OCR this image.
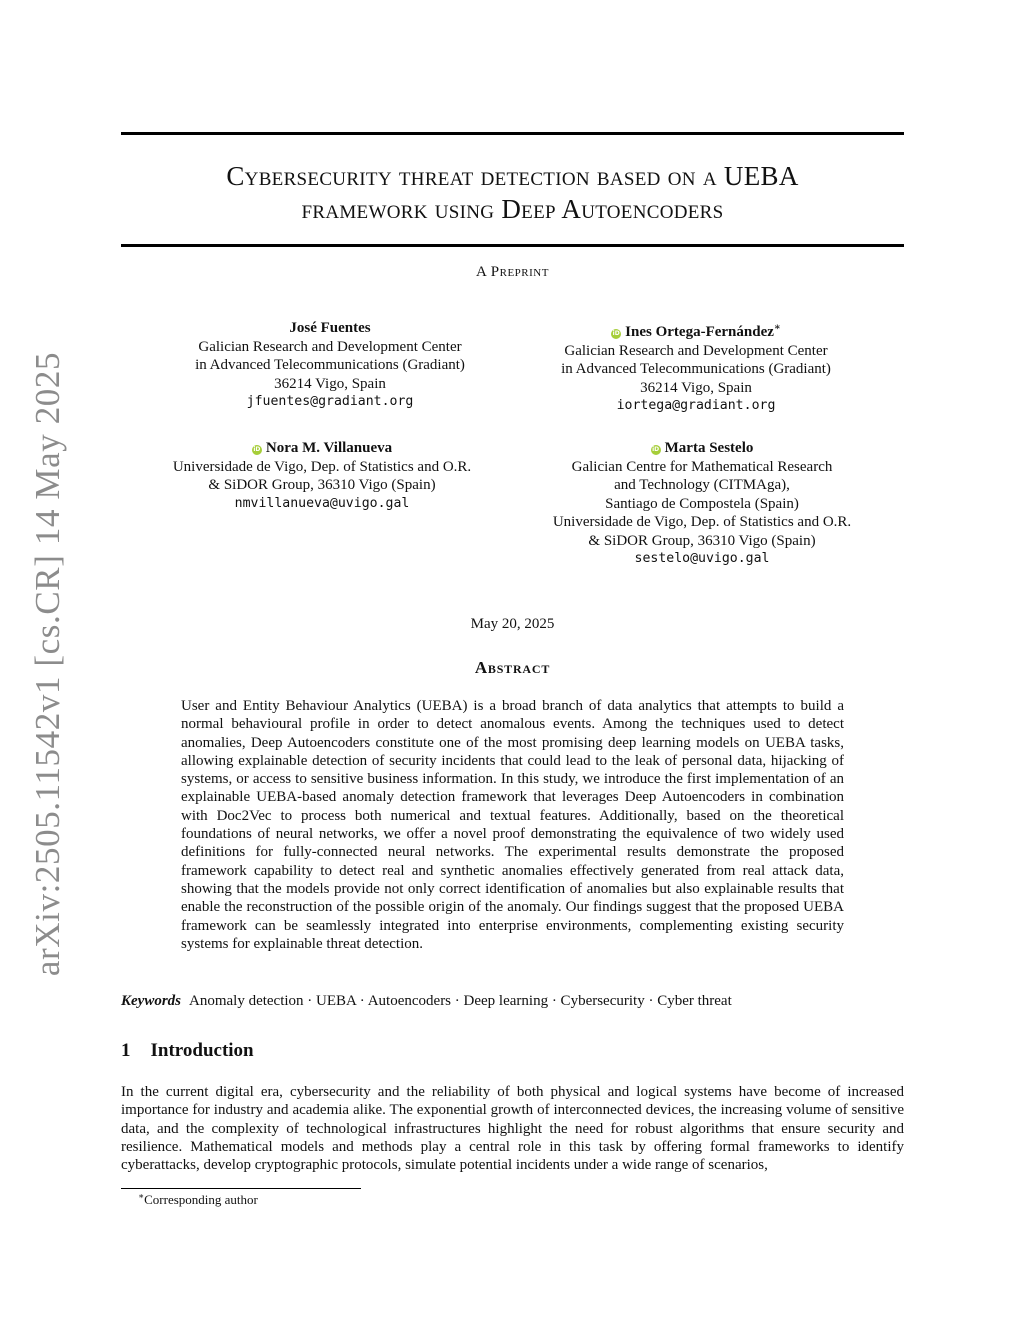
arXiv:2505.11542v1 [cs.CR] 14 May 2025
Cybersecurity threat detection based on a UEBA
framework using Deep Autoencoders
A Preprint
José Fuentes
Galician Research and Development Center
in Advanced Telecommunications (Gradiant)
36214 Vigo, Spain
jfuentes@gradiant.org
iD Ines Ortega-Fernández∗
Galician Research and Development Center
in Advanced Telecommunications (Gradiant)
36214 Vigo, Spain
iortega@gradiant.org
iD Nora M. Villanueva
Universidade de Vigo, Dep. of Statistics and O.R.
& SiDOR Group, 36310 Vigo (Spain)
nmvillanueva@uvigo.gal
iD Marta Sestelo
Galician Centre for Mathematical Research
and Technology (CITMAga),
Santiago de Compostela (Spain)
Universidade de Vigo, Dep. of Statistics and O.R.
& SiDOR Group, 36310 Vigo (Spain)
sestelo@uvigo.gal
May 20, 2025
Abstract

User and Entity Behaviour Analytics (UEBA) is a broad branch of data analytics that attempts to build a normal behavioural profile in order to detect anomalous events. Among the techniques used to detect anomalies, Deep Autoencoders constitute one of the most promising deep learning models on UEBA tasks, allowing explainable detection of security incidents that could lead to the leak of personal data, hijacking of systems, or access to sensitive business information. In this study, we introduce the first implementation of an explainable UEBA-based anomaly detection framework that leverages Deep Autoencoders in combination with Doc2Vec to process both numerical and textual features. Additionally, based on the theoretical foundations of neural networks, we offer a novel proof demonstrating the equivalence of two widely used definitions for fully-connected neural networks. The experimental results demonstrate the proposed framework capability to detect real and synthetic anomalies effectively generated from real attack data, showing that the models provide not only correct identification of anomalies but also explainable results that enable the reconstruction of the possible origin of the anomaly. Our findings suggest that the proposed UEBA framework can be seamlessly integrated into enterprise environments, complementing existing security systems for explainable threat detection.

Keywords Anomaly detection · UEBA · Autoencoders · Deep learning · Cybersecurity · Cyber threat
1 Introduction

In the current digital era, cybersecurity and the reliability of both physical and logical systems have become of increased importance for industry and academia alike. The exponential growth of interconnected devices, the increasing volume of sensitive data, and the complexity of technological infrastructures highlight the need for robust algorithms that ensure security and resilience. Mathematical models and methods play a central role in this task by offering formal frameworks to identify cyberattacks, develop cryptographic protocols, simulate potential incidents under a wide range of scenarios,

∗Corresponding author
